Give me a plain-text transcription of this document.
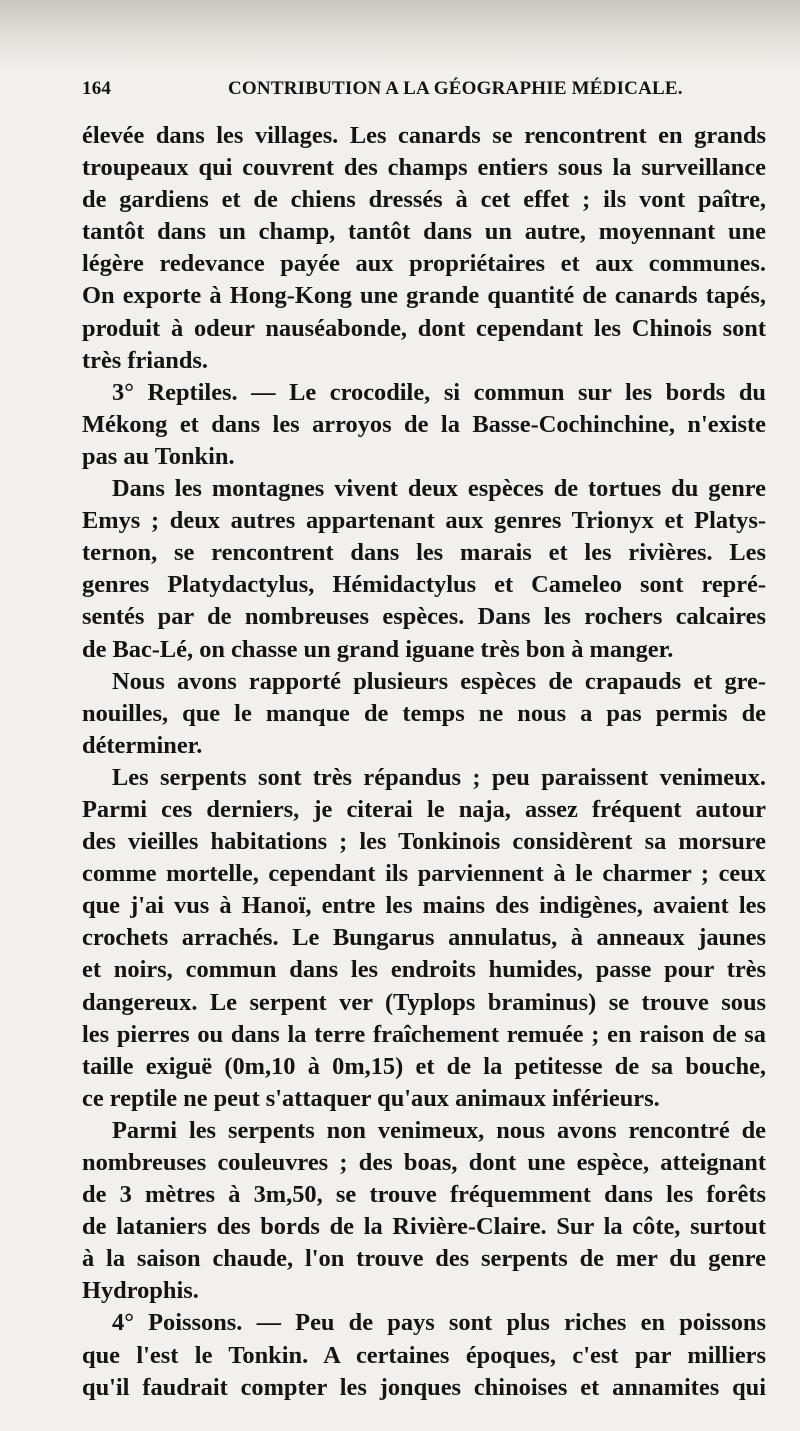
164	CONTRIBUTION A LA GÉOGRAPHIE MÉDICALE.
élevée dans les villages. Les canards se rencontrent en grands
troupeaux qui couvrent des champs entiers sous la surveillance
de gardiens et de chiens dressés à cet effet ; ils vont paître,
tantôt dans un champ, tantôt dans un autre, moyennant une
légère redevance payée aux propriétaires et aux communes.
On exporte à Hong-Kong une grande quantité de canards tapés,
produit à odeur nauséabonde, dont cependant les Chinois sont
très friands.
3° Reptiles. — Le crocodile, si commun sur les bords du
Mékong et dans les arroyos de la Basse-Cochinchine, n'existe
pas au Tonkin.
Dans les montagnes vivent deux espèces de tortues du genre
Emys ; deux autres appartenant aux genres Trionyx et Platys-
ternon, se rencontrent dans les marais et les rivières. Les
genres Platydactylus, Hémidactylus et Cameleo sont repré-
sentés par de nombreuses espèces. Dans les rochers calcaires
de Bac-Lé, on chasse un grand iguane très bon à manger.
Nous avons rapporté plusieurs espèces de crapauds et gre-
nouilles, que le manque de temps ne nous a pas permis de
déterminer.
Les serpents sont très répandus ; peu paraissent venimeux.
Parmi ces derniers, je citerai le naja, assez fréquent autour
des vieilles habitations ; les Tonkinois considèrent sa morsure
comme mortelle, cependant ils parviennent à le charmer ; ceux
que j'ai vus à Hanoï, entre les mains des indigènes, avaient les
crochets arrachés. Le Bungarus annulatus, à anneaux jaunes
et noirs, commun dans les endroits humides, passe pour très
dangereux. Le serpent ver (Typlops braminus) se trouve sous
les pierres ou dans la terre fraîchement remuée ; en raison de sa
taille exiguë (0m,10 à 0m,15) et de la petitesse de sa bouche,
ce reptile ne peut s'attaquer qu'aux animaux inférieurs.
Parmi les serpents non venimeux, nous avons rencontré de
nombreuses couleuvres ; des boas, dont une espèce, atteignant
de 3 mètres à 3m,50, se trouve fréquemment dans les forêts
de lataniers des bords de la Rivière-Claire. Sur la côte, surtout
à la saison chaude, l'on trouve des serpents de mer du genre
Hydrophis.
4° Poissons. — Peu de pays sont plus riches en poissons
que l'est le Tonkin. A certaines époques, c'est par milliers
qu'il faudrait compter les jonques chinoises et annamites qui
